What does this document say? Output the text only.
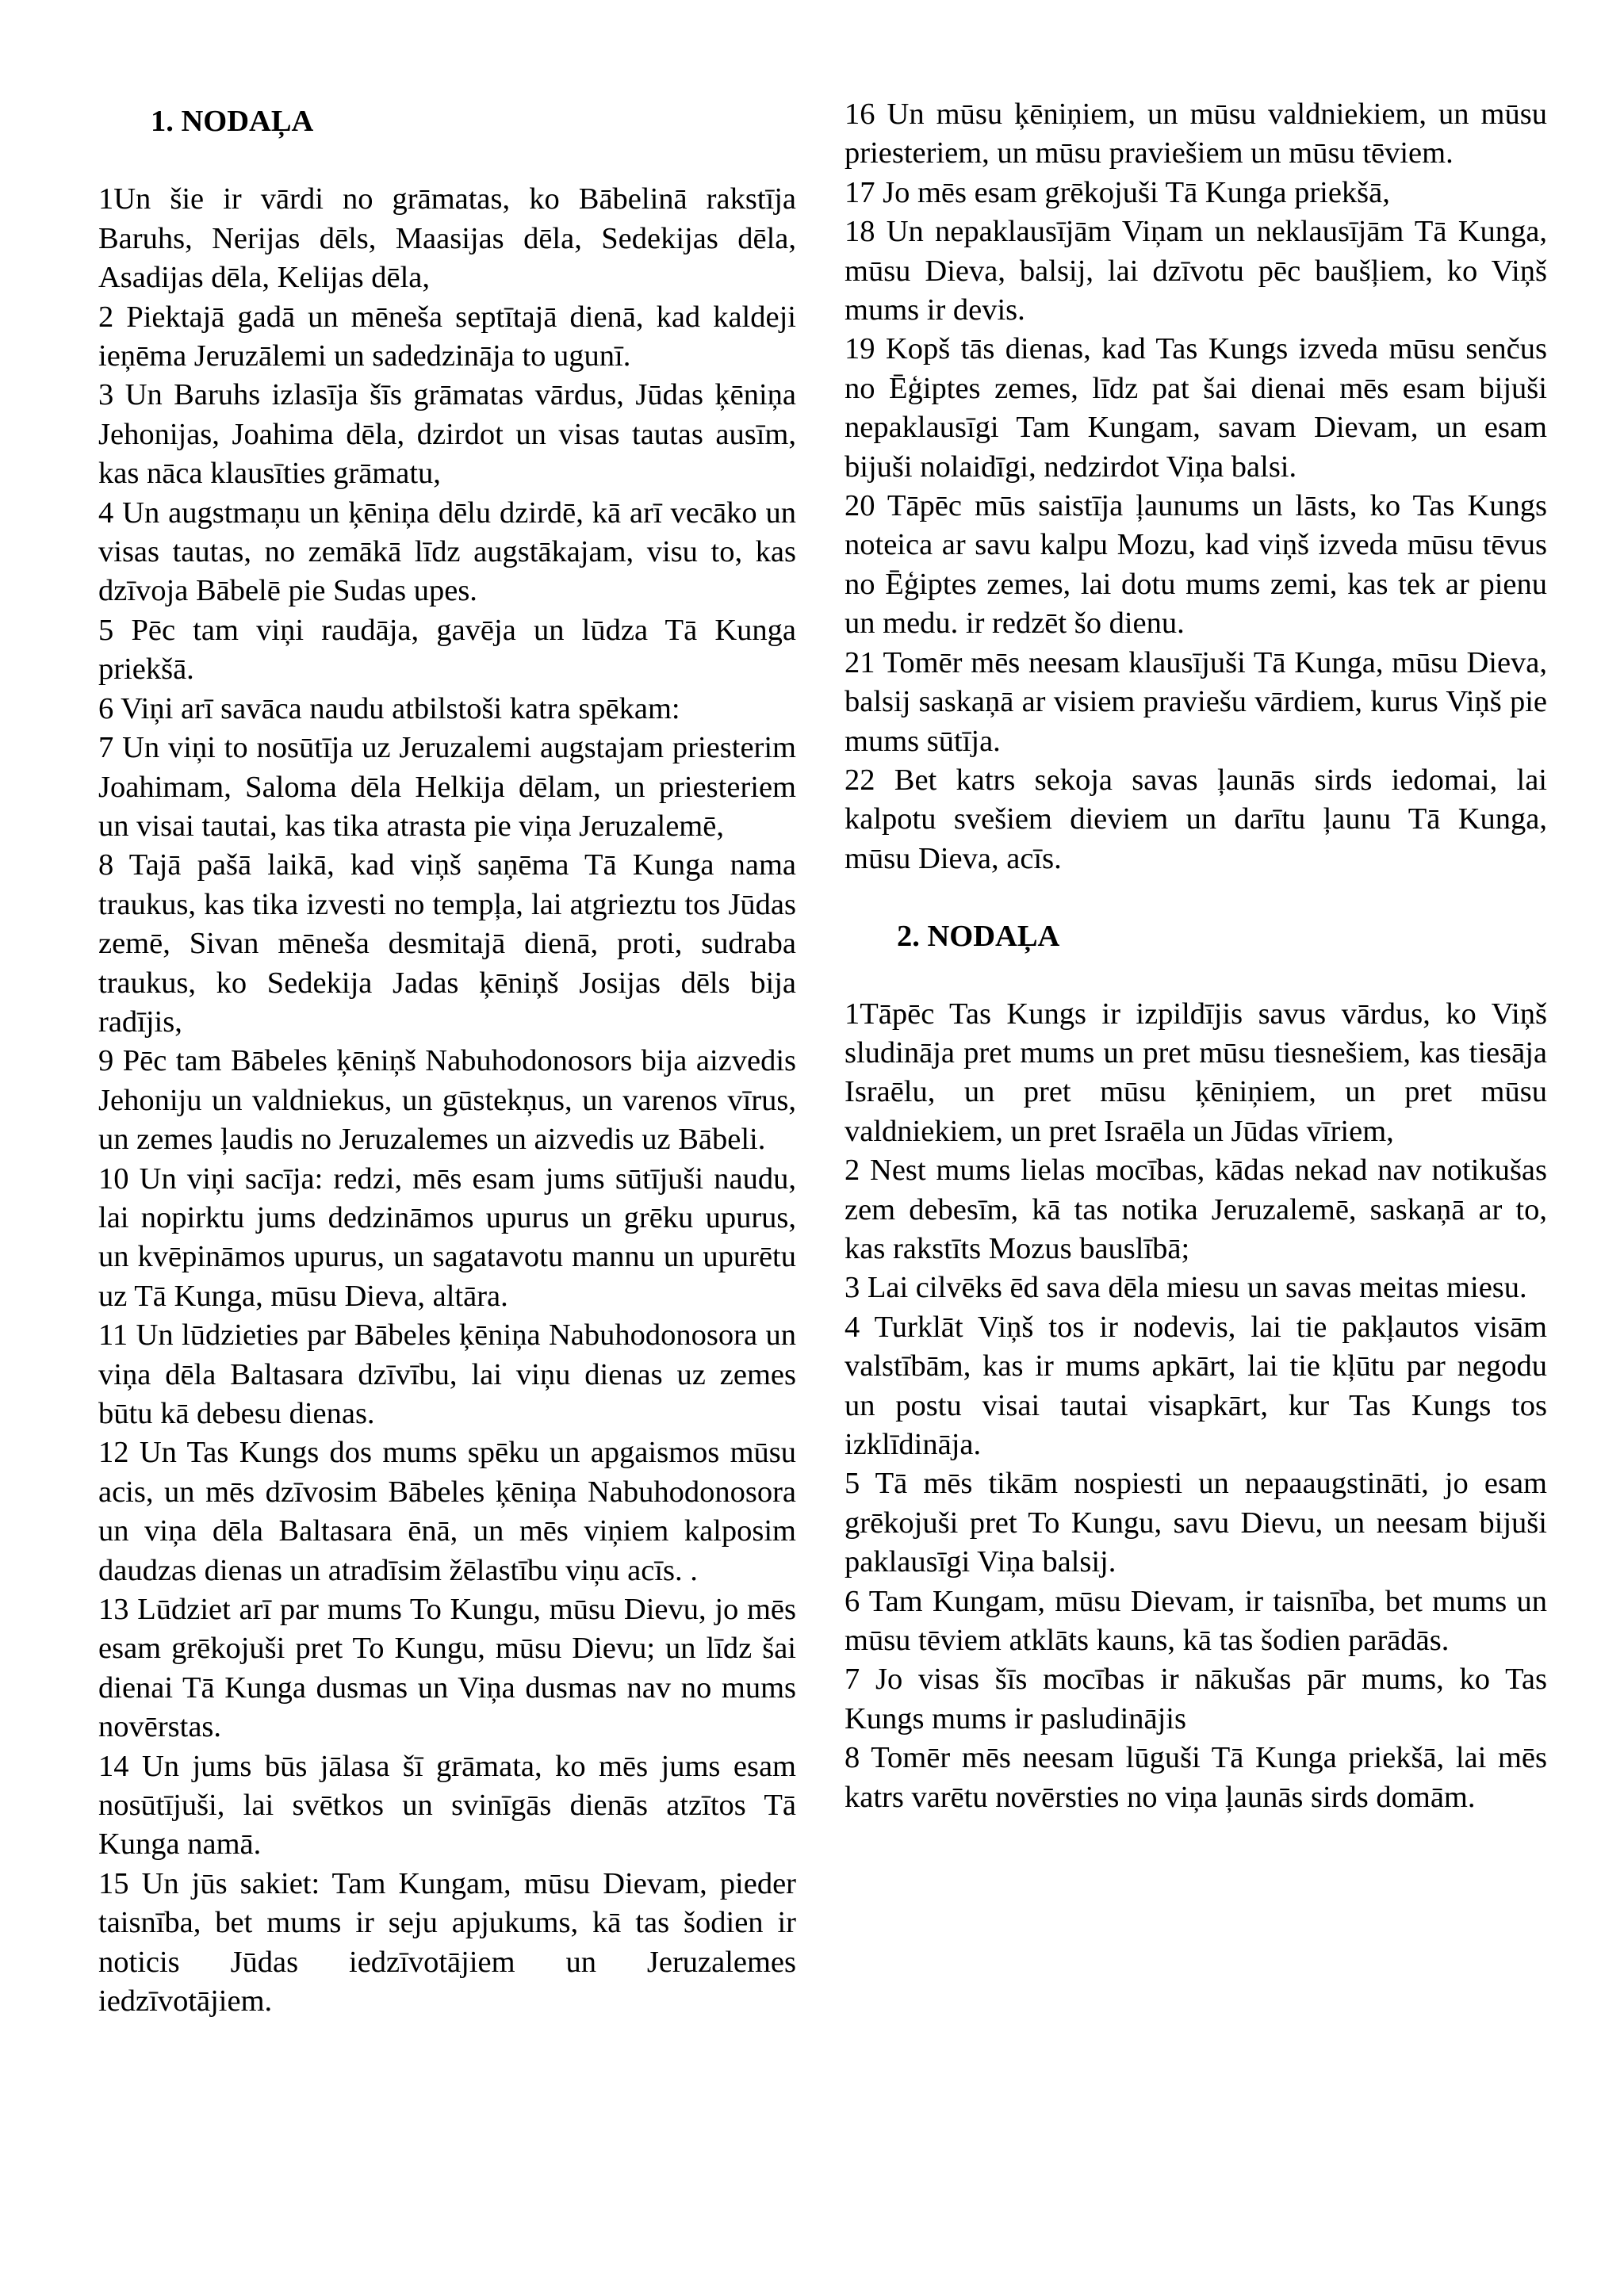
1. NODAĻA

1Un šie ir vārdi no grāmatas, ko Bābelinā rakstīja Baruhs, Nerijas dēls, Maasijas dēla, Sedekijas dēla, Asadijas dēla, Kelijas dēla,

2 Piektajā gadā un mēneša septītajā dienā, kad kaldeji ieņēma Jeruzālemi un sadedzināja to ugunī.

3 Un Baruhs izlasīja šīs grāmatas vārdus, Jūdas ķēniņa Jehonijas, Joahima dēla, dzirdot un visas tautas ausīm, kas nāca klausīties grāmatu,

4 Un augstmaņu un ķēniņa dēlu dzirdē, kā arī vecāko un visas tautas, no zemākā līdz augstākajam, visu to, kas dzīvoja Bābelē pie Sudas upes.

5 Pēc tam viņi raudāja, gavēja un lūdza Tā Kunga priekšā.

6 Viņi arī savāca naudu atbilstoši katra spēkam:

7 Un viņi to nosūtīja uz Jeruzalemi augstajam priesterim Joahimam, Saloma dēla Helkija dēlam, un priesteriem un visai tautai, kas tika atrasta pie viņa Jeruzalemē,

8 Tajā pašā laikā, kad viņš saņēma Tā Kunga nama traukus, kas tika izvesti no tempļa, lai atgrieztu tos Jūdas zemē, Sivan mēneša desmitajā dienā, proti, sudraba traukus, ko Sedekija Jadas ķēniņš Josijas dēls bija radījis,

9 Pēc tam Bābeles ķēniņš Nabuhodonosors bija aizvedis Jehoniju un valdniekus, un gūstekņus, un varenos vīrus, un zemes ļaudis no Jeruzalemes un aizvedis uz Bābeli.

10 Un viņi sacīja: redzi, mēs esam jums sūtījuši naudu, lai nopirktu jums dedzināmos upurus un grēku upurus, un kvēpināmos upurus, un sagatavotu mannu un upurētu uz Tā Kunga, mūsu Dieva, altāra.

11 Un lūdzieties par Bābeles ķēniņa Nabuhodonosora un viņa dēla Baltasara dzīvību, lai viņu dienas uz zemes būtu kā debesu dienas.

12 Un Tas Kungs dos mums spēku un apgaismos mūsu acis, un mēs dzīvosim Bābeles ķēniņa Nabuhodonosora un viņa dēla Baltasara ēnā, un mēs viņiem kalposim daudzas dienas un atradīsim žēlastību viņu acīs. .

13 Lūdziet arī par mums To Kungu, mūsu Dievu, jo mēs esam grēkojuši pret To Kungu, mūsu Dievu; un līdz šai dienai Tā Kunga dusmas un Viņa dusmas nav no mums novērstas.

14 Un jums būs jālasa šī grāmata, ko mēs jums esam nosūtījuši, lai svētkos un svinīgās dienās atzītos Tā Kunga namā.

15 Un jūs sakiet: Tam Kungam, mūsu Dievam, pieder taisnība, bet mums ir seju apjukums, kā tas šodien ir noticis Jūdas iedzīvotājiem un Jeruzalemes iedzīvotājiem.

16 Un mūsu ķēniņiem, un mūsu valdniekiem, un mūsu priesteriem, un mūsu praviešiem un mūsu tēviem.

17 Jo mēs esam grēkojuši Tā Kunga priekšā,

18 Un nepaklausījām Viņam un neklausījām Tā Kunga, mūsu Dieva, balsij, lai dzīvotu pēc baušļiem, ko Viņš mums ir devis.

19 Kopš tās dienas, kad Tas Kungs izveda mūsu senčus no Ēģiptes zemes, līdz pat šai dienai mēs esam bijuši nepaklausīgi Tam Kungam, savam Dievam, un esam bijuši nolaidīgi, nedzirdot Viņa balsi.

20 Tāpēc mūs saistīja ļaunums un lāsts, ko Tas Kungs noteica ar savu kalpu Mozu, kad viņš izveda mūsu tēvus no Ēģiptes zemes, lai dotu mums zemi, kas tek ar pienu un medu. ir redzēt šo dienu.

21 Tomēr mēs neesam klausījuši Tā Kunga, mūsu Dieva, balsij saskaņā ar visiem praviešu vārdiem, kurus Viņš pie mums sūtīja.

22 Bet katrs sekoja savas ļaunās sirds iedomai, lai kalpotu svešiem dieviem un darītu ļaunu Tā Kunga, mūsu Dieva, acīs.

2. NODAĻA

1Tāpēc Tas Kungs ir izpildījis savus vārdus, ko Viņš sludināja pret mums un pret mūsu tiesnešiem, kas tiesāja Israēlu, un pret mūsu ķēniņiem, un pret mūsu valdniekiem, un pret Israēla un Jūdas vīriem,

2 Nest mums lielas mocības, kādas nekad nav notikušas zem debesīm, kā tas notika Jeruzalemē, saskaņā ar to, kas rakstīts Mozus bauslībā;

3 Lai cilvēks ēd sava dēla miesu un savas meitas miesu.

4 Turklāt Viņš tos ir nodevis, lai tie pakļautos visām valstībām, kas ir mums apkārt, lai tie kļūtu par negodu un postu visai tautai visapkārt, kur Tas Kungs tos izklīdināja.

5 Tā mēs tikām nospiesti un nepaaugstināti, jo esam grēkojuši pret To Kungu, savu Dievu, un neesam bijuši paklausīgi Viņa balsij.

6 Tam Kungam, mūsu Dievam, ir taisnība, bet mums un mūsu tēviem atklāts kauns, kā tas šodien parādās.

7 Jo visas šīs mocības ir nākušas pār mums, ko Tas Kungs mums ir pasludinājis

8 Tomēr mēs neesam lūguši Tā Kunga priekšā, lai mēs katrs varētu novērsties no viņa ļaunās sirds domām.
